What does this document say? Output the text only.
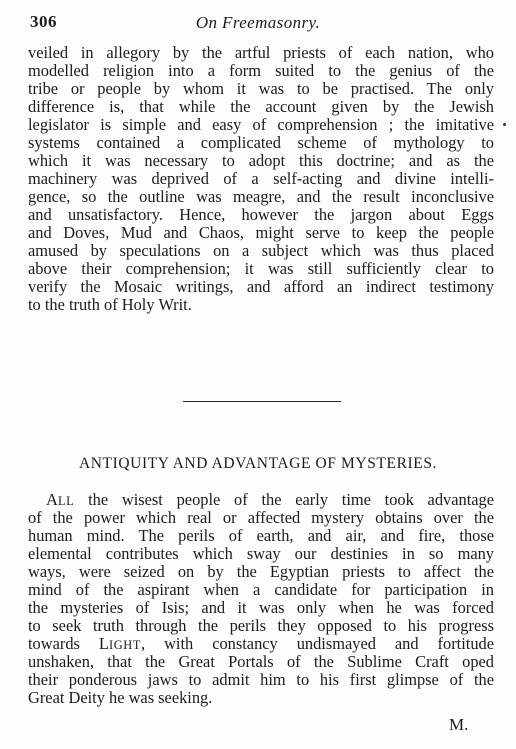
306	On Freemasonry.
veiled in allegory by the artful priests of each nation, who
modelled religion into a form suited to the genius of the
tribe or people by whom it was to be practised. The only
difference is, that while the account given by the Jewish
legislator is simple and easy of comprehension ; the imitative
systems contained a complicated scheme of mythology to
which it was necessary to adopt this doctrine; and as the
machinery was deprived of a self-acting and divine intelli-
gence, so the outline was meagre, and the result inconclusive
and unsatisfactory. Hence, however the jargon about Eggs
and Doves, Mud and Chaos, might serve to keep the people
amused by speculations on a subject which was thus placed
above their comprehension; it was still sufficiently clear to
verify the Mosaic writings, and afford an indirect testimony
to the truth of Holy Writ.
ANTIQUITY AND ADVANTAGE OF MYSTERIES.
ALL the wisest people of the early time took advantage
of the power which real or affected mystery obtains over the
human mind. The perils of earth, and air, and fire, those
elemental contributes which sway our destinies in so many
ways, were seized on by the Egyptian priests to affect the
mind of the aspirant when a candidate for participation in
the mysteries of Isis; and it was only when he was forced
to seek truth through the perils they opposed to his progress
towards LIGHT, with constancy undismayed and fortitude
unshaken, that the Great Portals of the Sublime Craft oped
their ponderous jaws to admit him to his first glimpse of the
Great Deity he was seeking.
M.
